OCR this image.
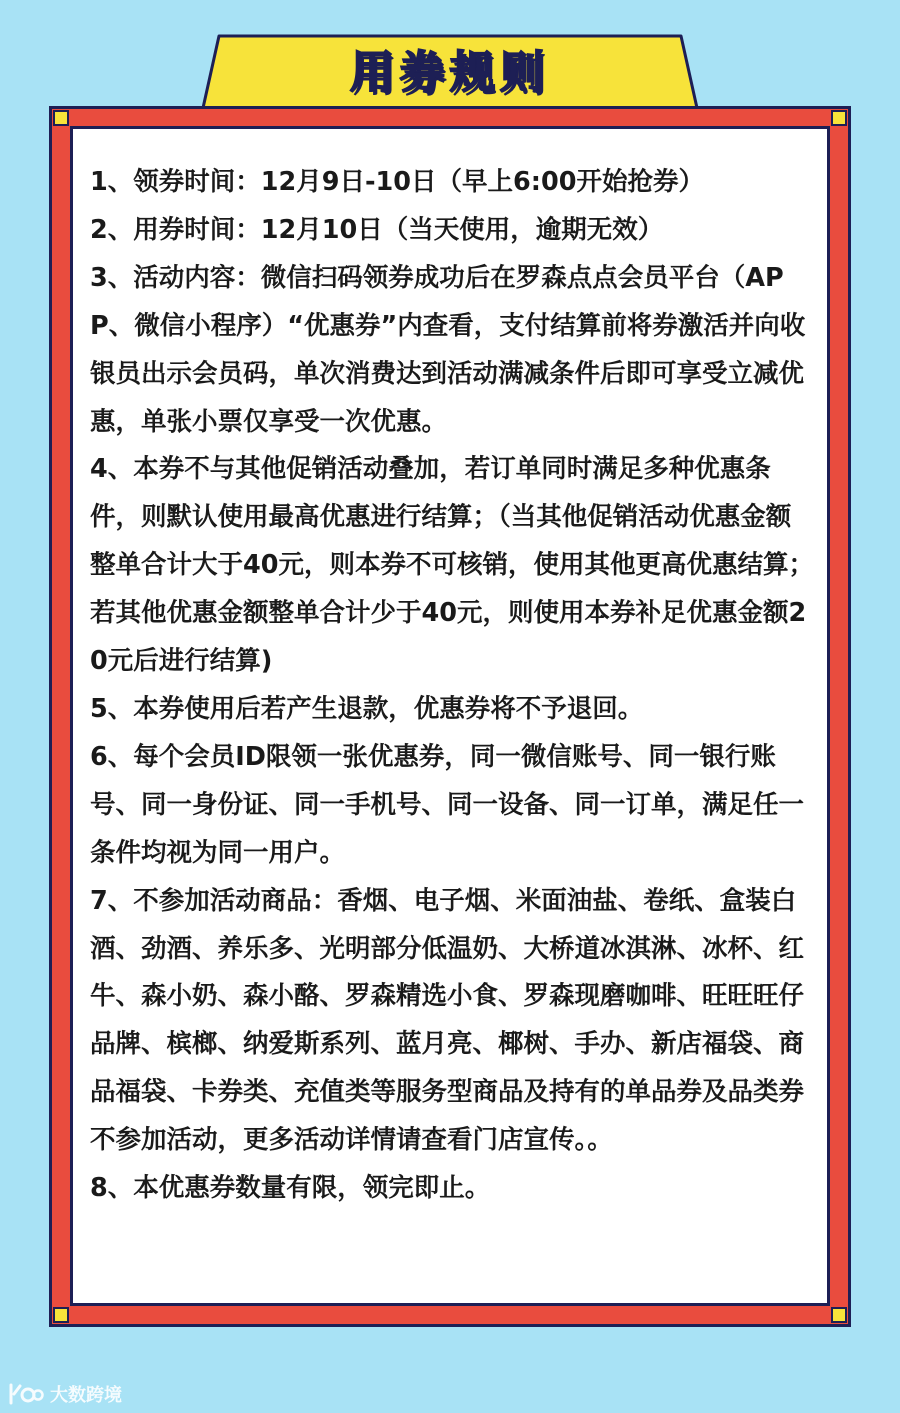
用券规则

1、领券时间：12月9日-10日（早上6:00开始抢券）

2、用券时间：12月10日（当天使用，逾期无效）

3、活动内容：微信扫码领券成功后在罗森点点会员平台（APP、微信小程序）“优惠券”内查看，支付结算前将券激活并向收银员出示会员码，单次消费达到活动满减条件后即可享受立减优惠，单张小票仅享受一次优惠。

4、本券不与其他促销活动叠加，若订单同时满足多种优惠条件，则默认使用最高优惠进行结算；（当其他促销活动优惠金额整单合计大于40元，则本券不可核销，使用其他更高优惠结算；若其他优惠金额整单合计少于40元，则使用本券补足优惠金额20元后进行结算)

5、本券使用后若产生退款，优惠券将不予退回。

6、每个会员ID限领一张优惠券，同一微信账号、同一银行账号、同一身份证、同一手机号、同一设备、同一订单，满足任一条件均视为同一用户。

7、不参加活动商品：香烟、电子烟、米面油盐、卷纸、盒装白酒、劲酒、养乐多、光明部分低温奶、大桥道冰淇淋、冰杯、红牛、森小奶、森小酪、罗森精选小食、罗森现磨咖啡、旺旺旺仔品牌、槟榔、纳爱斯系列、蓝月亮、椰树、手办、新店福袋、商品福袋、卡券类、充值类等服务型商品及持有的单品券及品类券不参加活动，更多活动详情请查看门店宣传。。

8、本优惠券数量有限，领完即止。

大数跨境
